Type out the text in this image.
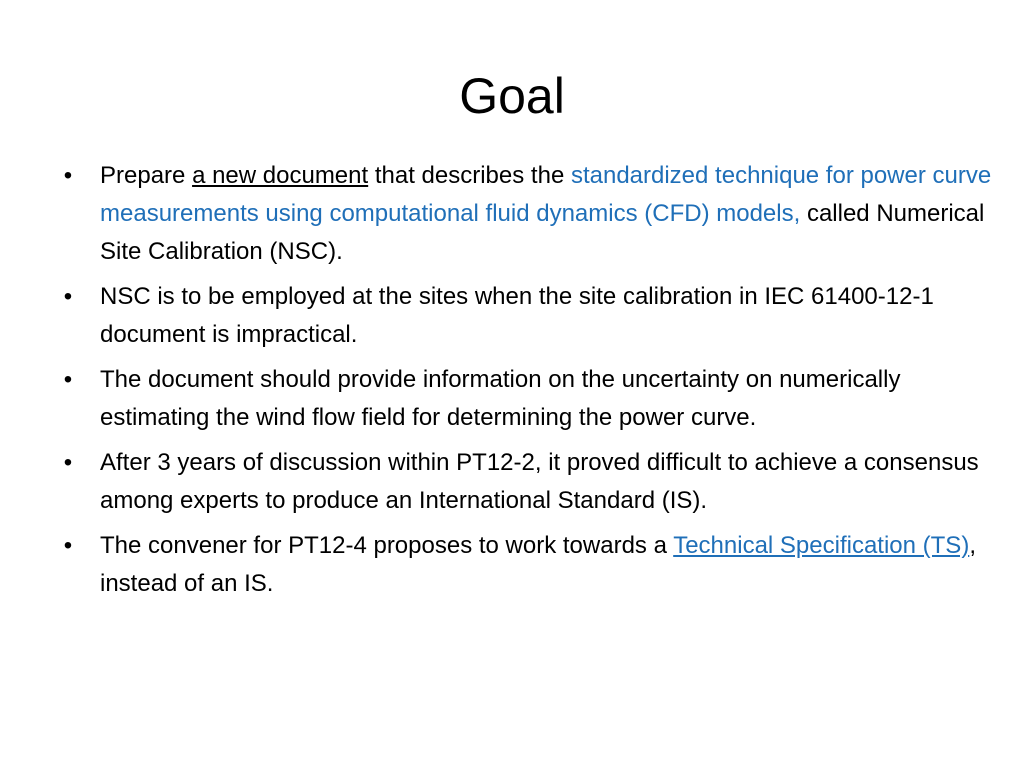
Goal
• Prepare a new document that describes the standardized technique for power curve measurements using computational fluid dynamics (CFD) models, called Numerical Site Calibration (NSC).
• NSC is to be employed at the sites when the site calibration in IEC 61400-12-1 document is impractical.
• The document should provide information on the uncertainty on numerically estimating the wind flow field for determining the power curve.
• After 3 years of discussion within PT12-2, it proved difficult to achieve a consensus among experts to produce an International Standard (IS).
• The convener for PT12-4 proposes to work towards a Technical Specification (TS), instead of an IS.
